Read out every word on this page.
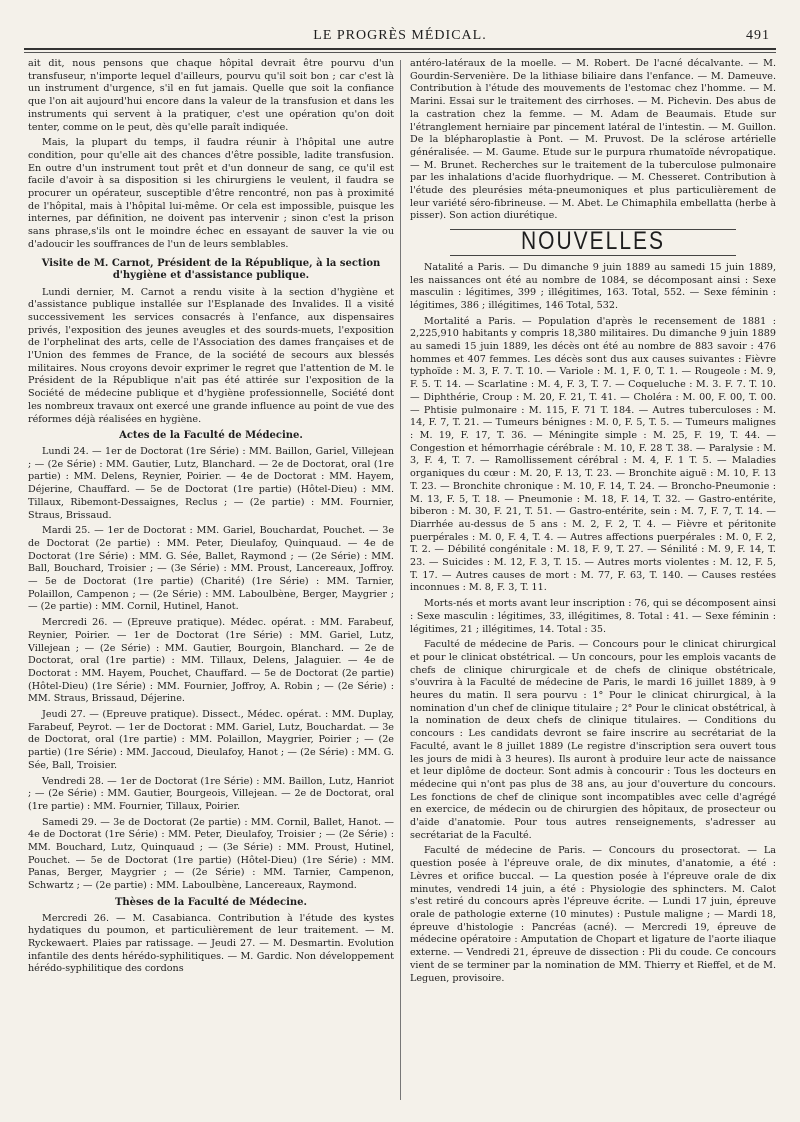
LE PROGRÈS MÉDICAL.	491

ait dit, nous pensons que chaque hôpital devrait être pourvu d'un transfuseur, n'importe lequel d'ailleurs, pourvu qu'il soit bon ; car c'est là un instrument d'urgence, s'il en fut jamais. Quelle que soit la confiance que l'on ait aujourd'hui encore dans la valeur de la transfusion et dans les instruments qui servent à la pratiquer, c'est une opération qu'on doit tenter, comme on le peut, dès qu'elle paraît indiquée.

Mais, la plupart du temps, il faudra réunir à l'hôpital une autre condition, pour qu'elle ait des chances d'être possible, ladite transfusion. En outre d'un instrument tout prêt et d'un donneur de sang, ce qu'il est facile d'avoir à sa disposition si les chirurgiens le veulent, il faudra se procurer un opérateur, susceptible d'être rencontré, non pas à proximité de l'hôpital, mais à l'hôpital lui-même. Or cela est impossible, puisque les internes, par définition, ne doivent pas intervenir ; sinon c'est la prison sans phrase,s'ils ont le moindre échec en essayant de sauver la vie ou d'adoucir les souffrances de l'un de leurs semblables.

Visite de M. Carnot, Président de la République, à la section d'hygiène et d'assistance publique.

Lundi dernier, M. Carnot a rendu visite à la section d'hygiène et d'assistance publique installée sur l'Esplanade des Invalides. Il a visité successivement les services consacrés à l'enfance, aux dispensaires privés, l'exposition des jeunes aveugles et des sourds-muets, l'exposition de l'orphelinat des arts, celle de l'Association des dames françaises et de l'Union des femmes de France, de la société de secours aux blessés militaires. Nous croyons devoir exprimer le regret que l'attention de M. le Président de la République n'ait pas été attirée sur l'exposition de la Société de médecine publique et d'hygiène professionnelle, Société dont les nombreux travaux ont exercé une grande influence au point de vue des réformes déjà réalisées en hygiène.

Actes de la Faculté de Médecine.

Lundi 24. — 1er de Doctorat (1re Série) : MM. Baillon, Gariel, Villejean ; — (2e Série) : MM. Gautier, Lutz, Blanchard. — 2e de Doctorat, oral (1re partie) : MM. Delens, Reynier, Poirier. — 4e de Doctorat : MM. Hayem, Déjerine, Chauffard. — 5e de Doctorat (1re partie) (Hôtel-Dieu) : MM. Tillaux, Ribemont-Dessaignes, Reclus ; — (2e partie) : MM. Fournier, Straus, Brissaud.

Mardi 25. — 1er de Doctorat : MM. Gariel, Bouchardat, Pouchet. — 3e de Doctorat (2e partie) : MM. Peter, Dieulafoy, Quinquaud. — 4e de Doctorat (1re Série) : MM. G. Sée, Ballet, Raymond ; — (2e Série) : MM. Ball, Bouchard, Troisier ; — (3e Série) : MM. Proust, Lancereaux, Joffroy. — 5e de Doctorat (1re partie) (Charité) (1re Série) : MM. Tarnier, Polaillon, Campenon ; — (2e Série) : MM. Laboulbène, Berger, Maygrier ; — (2e partie) : MM. Cornil, Hutinel, Hanot.

Mercredi 26. — (Epreuve pratique). Médec. opérat. : MM. Farabeuf, Reynier, Poirier. — 1er de Doctorat (1re Série) : MM. Gariel, Lutz, Villejean ; — (2e Série) : MM. Gautier, Bourgoin, Blanchard. — 2e de Doctorat, oral (1re partie) : MM. Tillaux, Delens, Jalaguier. — 4e de Doctorat : MM. Hayem, Pouchet, Chauffard. — 5e de Doctorat (2e partie) (Hôtel-Dieu) (1re Série) : MM. Fournier, Joffroy, A. Robin ; — (2e Série) : MM. Straus, Brissaud, Déjerine.

Jeudi 27. — (Epreuve pratique). Dissect., Médec. opérat. : MM. Duplay, Farabeuf, Peyrot. — 1er de Doctorat : MM. Gariel, Lutz, Bouchardat. — 3e de Doctorat, oral (1re partie) : MM. Polaillon, Maygrier, Poirier ; — (2e partie) (1re Série) : MM. Jaccoud, Dieulafoy, Hanot ; — (2e Série) : MM. G. Sée, Ball, Troisier.

Vendredi 28. — 1er de Doctorat (1re Série) : MM. Baillon, Lutz, Hanriot ; — (2e Série) : MM. Gautier, Bourgeois, Villejean. — 2e de Doctorat, oral (1re partie) : MM. Fournier, Tillaux, Poirier.

Samedi 29. — 3e de Doctorat (2e partie) : MM. Cornil, Ballet, Hanot. — 4e de Doctorat (1re Série) : MM. Peter, Dieulafoy, Troisier ; — (2e Série) : MM. Bouchard, Lutz, Quinquaud ; — (3e Série) : MM. Proust, Hutinel, Pouchet. — 5e de Doctorat (1re partie) (Hôtel-Dieu) (1re Série) : MM. Panas, Berger, Maygrier ; — (2e Série) : MM. Tarnier, Campenon, Schwartz ; — (2e partie) : MM. Laboulbène, Lancereaux, Raymond.

Thèses de la Faculté de Médecine.

Mercredi 26. — M. Casabianca. Contribution à l'étude des kystes hydatiques du poumon, et particulièrement de leur traitement. — M. Ryckewaert. Plaies par ratissage. — Jeudi 27. — M. Desmartin. Evolution infantile des dents hérédo-syphilitiques. — M. Gardic. Non développement hérédo-syphilitique des cordons

antéro-latéraux de la moelle. — M. Robert. De l'acné décalvante. — M. Gourdin-Servenière. De la lithiase biliaire dans l'enfance. — M. Dameuve. Contribution à l'étude des mouvements de l'estomac chez l'homme. — M. Marini. Essai sur le traitement des cirrhoses. — M. Pichevin. Des abus de la castration chez la femme. — M. Adam de Beaumais. Etude sur l'étranglement herniaire par pincement latéral de l'intestin. — M. Guillon. De la blépharoplastie à Pont. — M. Pruvost. De la sclérose artérielle généralisée. — M. Gaume. Etude sur le purpura rhumatoïde névropatique. — M. Brunet. Recherches sur le traitement de la tuberculose pulmonaire par les inhalations d'acide fluorhydrique. — M. Chesseret. Contribution à l'étude des pleurésies méta-pneumoniques et plus particulièrement de leur variété séro-fibrineuse. — M. Abet. Le Chimaphila embellatta (herbe à pisser). Son action diurétique.

NOUVELLES

Natalité a Paris. — Du dimanche 9 juin 1889 au samedi 15 juin 1889, les naissances ont été au nombre de 1084, se décomposant ainsi : Sexe masculin : légitimes, 399 ; illégitimes, 163. Total, 552. — Sexe féminin : légitimes, 386 ; illégitimes, 146 Total, 532.

Mortalité a Paris. — Population d'après le recensement de 1881 : 2,225,910 habitants y compris 18,380 militaires. Du dimanche 9 juin 1889 au samedi 15 juin 1889, les décès ont été au nombre de 883 savoir : 476 hommes et 407 femmes. Les décès sont dus aux causes suivantes : Fièvre typhoïde : M. 3, F. 7. T. 10. — Variole : M. 1, F. 0, T. 1. — Rougeole : M. 9, F. 5. T. 14. — Scarlatine : M. 4, F. 3, T. 7. — Coqueluche : M. 3. F. 7. T. 10. — Diphthérie, Croup : M. 20, F. 21, T. 41. — Choléra : M. 00, F. 00, T. 00. — Phtisie pulmonaire : M. 115, F. 71 T. 184. — Autres tuberculoses : M. 14, F. 7, T. 21. — Tumeurs bénignes : M. 0, F. 5, T. 5. — Tumeurs malignes : M. 19, F. 17, T. 36. — Méningite simple : M. 25, F. 19, T. 44. — Congestion et hémorrhagie cérébrale : M. 10, F. 28 T. 38. — Paralysie : M. 3, F. 4, T. 7. — Ramollissement cérébral : M. 4, F. 1 T. 5. — Maladies organiques du cœur : M. 20, F. 13, T. 23. — Bronchite aiguë : M. 10, F. 13 T. 23. — Bronchite chronique : M. 10, F. 14, T. 24. — Broncho-Pneumonie : M. 13, F. 5, T. 18. — Pneumonie : M. 18, F. 14, T. 32. — Gastro-entérite, biberon : M. 30, F. 21, T. 51. — Gastro-entérite, sein : M. 7, F. 7, T. 14. — Diarrhée au-dessus de 5 ans : M. 2, F. 2, T. 4. — Fièvre et péritonite puerpérales : M. 0, F. 4, T. 4. — Autres affections puerpérales : M. 0, F. 2, T. 2. — Débilité congénitale : M. 18, F. 9, T. 27. — Sénilité : M. 9, F. 14, T. 23. — Suicides : M. 12, F. 3, T. 15. — Autres morts violentes : M. 12, F. 5, T. 17. — Autres causes de mort : M. 77, F. 63, T. 140. — Causes restées inconnues : M. 8, F. 3, T. 11.

Morts-nés et morts avant leur inscription : 76, qui se décomposent ainsi : Sexe masculin : légitimes, 33, illégitimes, 8. Total : 41. — Sexe féminin : légitimes, 21 ; illégitimes, 14. Total : 35.

Faculté de médecine de Paris. — Concours pour le clinicat chirurgical et pour le clinicat obstétrical. — Un concours, pour les emplois vacants de chefs de clinique chirurgicale et de chefs de clinique obstétricale, s'ouvrira à la Faculté de médecine de Paris, le mardi 16 juillet 1889, à 9 heures du matin. Il sera pourvu : 1° Pour le clinicat chirurgical, à la nomination d'un chef de clinique titulaire ; 2° Pour le clinicat obstétrical, à la nomination de deux chefs de clinique titulaires. — Conditions du concours : Les candidats devront se faire inscrire au secrétariat de la Faculté, avant le 8 juillet 1889 (Le registre d'inscription sera ouvert tous les jours de midi à 3 heures). Ils auront à produire leur acte de naissance et leur diplôme de docteur. Sont admis à concourir : Tous les docteurs en médecine qui n'ont pas plus de 38 ans, au jour d'ouverture du concours. Les fonctions de chef de clinique sont incompatibles avec celle d'agrégé en exercice, de médecin ou de chirurgien des hôpitaux, de prosecteur ou d'aide d'anatomie. Pour tous autres renseignements, s'adresser au secrétariat de la Faculté.

Faculté de médecine de Paris. — Concours du prosectorat. — La question posée à l'épreuve orale, de dix minutes, d'anatomie, a été : Lèvres et orifice buccal. — La question posée à l'épreuve orale de dix minutes, vendredi 14 juin, a été : Physiologie des sphincters. M. Calot s'est retiré du concours après l'épreuve écrite. — Lundi 17 juin, épreuve orale de pathologie externe (10 minutes) : Pustule maligne ; — Mardi 18, épreuve d'histologie : Pancréas (acné). — Mercredi 19, épreuve de médecine opératoire : Amputation de Chopart et ligature de l'aorte iliaque externe. — Vendredi 21, épreuve de dissection : Pli du coude. Ce concours vient de se terminer par la nomination de MM. Thierry et Rieffel, et de M. Leguen, provisoire.
